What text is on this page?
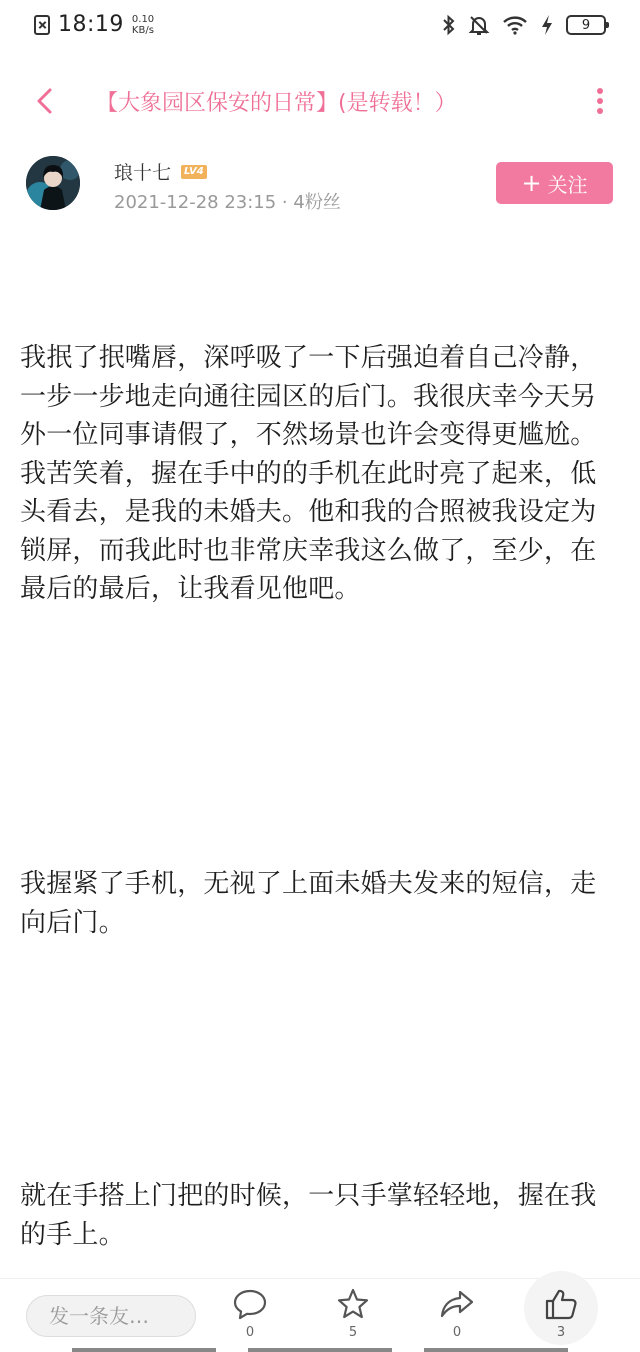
18:19 0.10
KB/s	9
【大象园区保安的日常】(是转载！）
琅十七 LV4
2021-12-28 23:15 · 4粉丝
+ 关注
我抿了抿嘴唇，深呼吸了一下后强迫着自己冷静，一步一步地走向通往园区的后门。我很庆幸今天另外一位同事请假了，不然场景也许会变得更尴尬。我苦笑着，握在手中的的手机在此时亮了起来，低头看去，是我的未婚夫。他和我的合照被我设定为锁屏，而我此时也非常庆幸我这么做了，至少，在最后的最后，让我看见他吧。
我握紧了手机，无视了上面未婚夫发来的短信，走向后门。
就在手搭上门把的时候，一只手掌轻轻地，握在我的手上。
发一条友…
0	5	0	3
